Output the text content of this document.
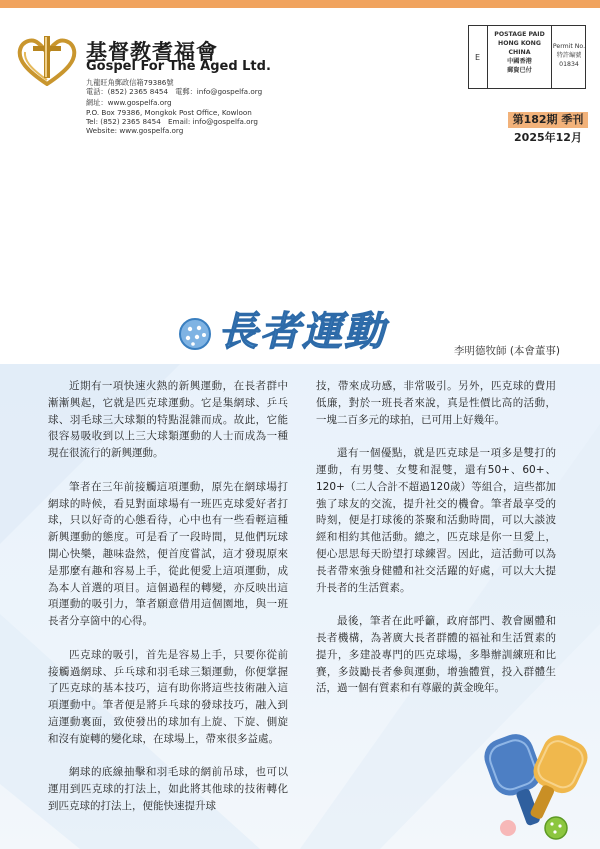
基督教耆福會
Gospel For The Aged Ltd.
九龍旺角郵政信箱79386號
電話：(852) 2365 8454　電郵：info@gospelfa.org
網址：www.gospelfa.org
P.O. Box 79386, Mongkok Post Office, Kowloon
Tel: (852) 2365 8454　Email: info@gospelfa.org
Website: www.gospelfa.org
E
POSTAGE PAID
HONG KONG
CHINA
中國香港
郵資已付
Permit No.
特許編號
01834
第182期 季刊
2025年12月
長者運動	李明德牧師 (本會董事)

近期有一項快速火熱的新興運動，在長者群中漸漸興起，它就是匹克球運動。它是集網球、乒乓球、羽毛球三大球類的特點混雜而成。故此，它能很容易吸收到以上三大球類運動的人士而成為一種現在很流行的新興運動。

筆者在三年前接觸這項運動，原先在網球場打網球的時候，看見對面球場有一班匹克球愛好者打球，只以好奇的心態看待，心中也有一些看輕這種新興運動的態度。可是看了一段時間，見他們玩球開心快樂，趣味盎然，便首度嘗試，這才發現原來是那麼有趣和容易上手，從此便愛上這項運動，成為本人首選的項目。這個過程的轉變，亦反映出這項運動的吸引力，筆者願意借用這個園地，與一班長者分享箇中的心得。

匹克球的吸引，首先是容易上手，只要你從前接觸過網球、乒乓球和羽毛球三類運動，你便掌握了匹克球的基本技巧，這有助你將這些技術融入這項運動中。筆者便是將乒乓球的發球技巧，融入到這運動裏面，致使發出的球加有上旋、下旋、側旋和沒有旋轉的變化球，在球場上，帶來很多益處。

網球的底線抽擊和羽毛球的網前吊球，也可以運用到匹克球的打法上，如此將其他球的技術轉化到匹克球的打法上，便能快速提升球

技，帶來成功感，非常吸引。另外，匹克球的費用低廉，對於一班長者來說，真是性價比高的活動，一塊二百多元的球拍，已可用上好幾年。

還有一個優點，就是匹克球是一項多是雙打的運動，有男雙、女雙和混雙，還有50+、60+、120+（二人合計不超過120歲）等組合，這些都加強了球友的交流，提升社交的機會。筆者最享受的時刻，便是打球後的茶聚和活動時間，可以大談波經和相約其他活動。總之，匹克球是你一旦愛上，便心思思每天盼望打球練習。因此，這活動可以為長者帶來強身健體和社交活躍的好處，可以大大提升長者的生活質素。

最後，筆者在此呼籲，政府部門、教會團體和長者機構，為著廣大長者群體的福祉和生活質素的提升，多建設專門的匹克球場，多舉辦訓練班和比賽，多鼓勵長者參與運動，增強體質，投入群體生活，過一個有質素和有尊嚴的黃金晚年。
